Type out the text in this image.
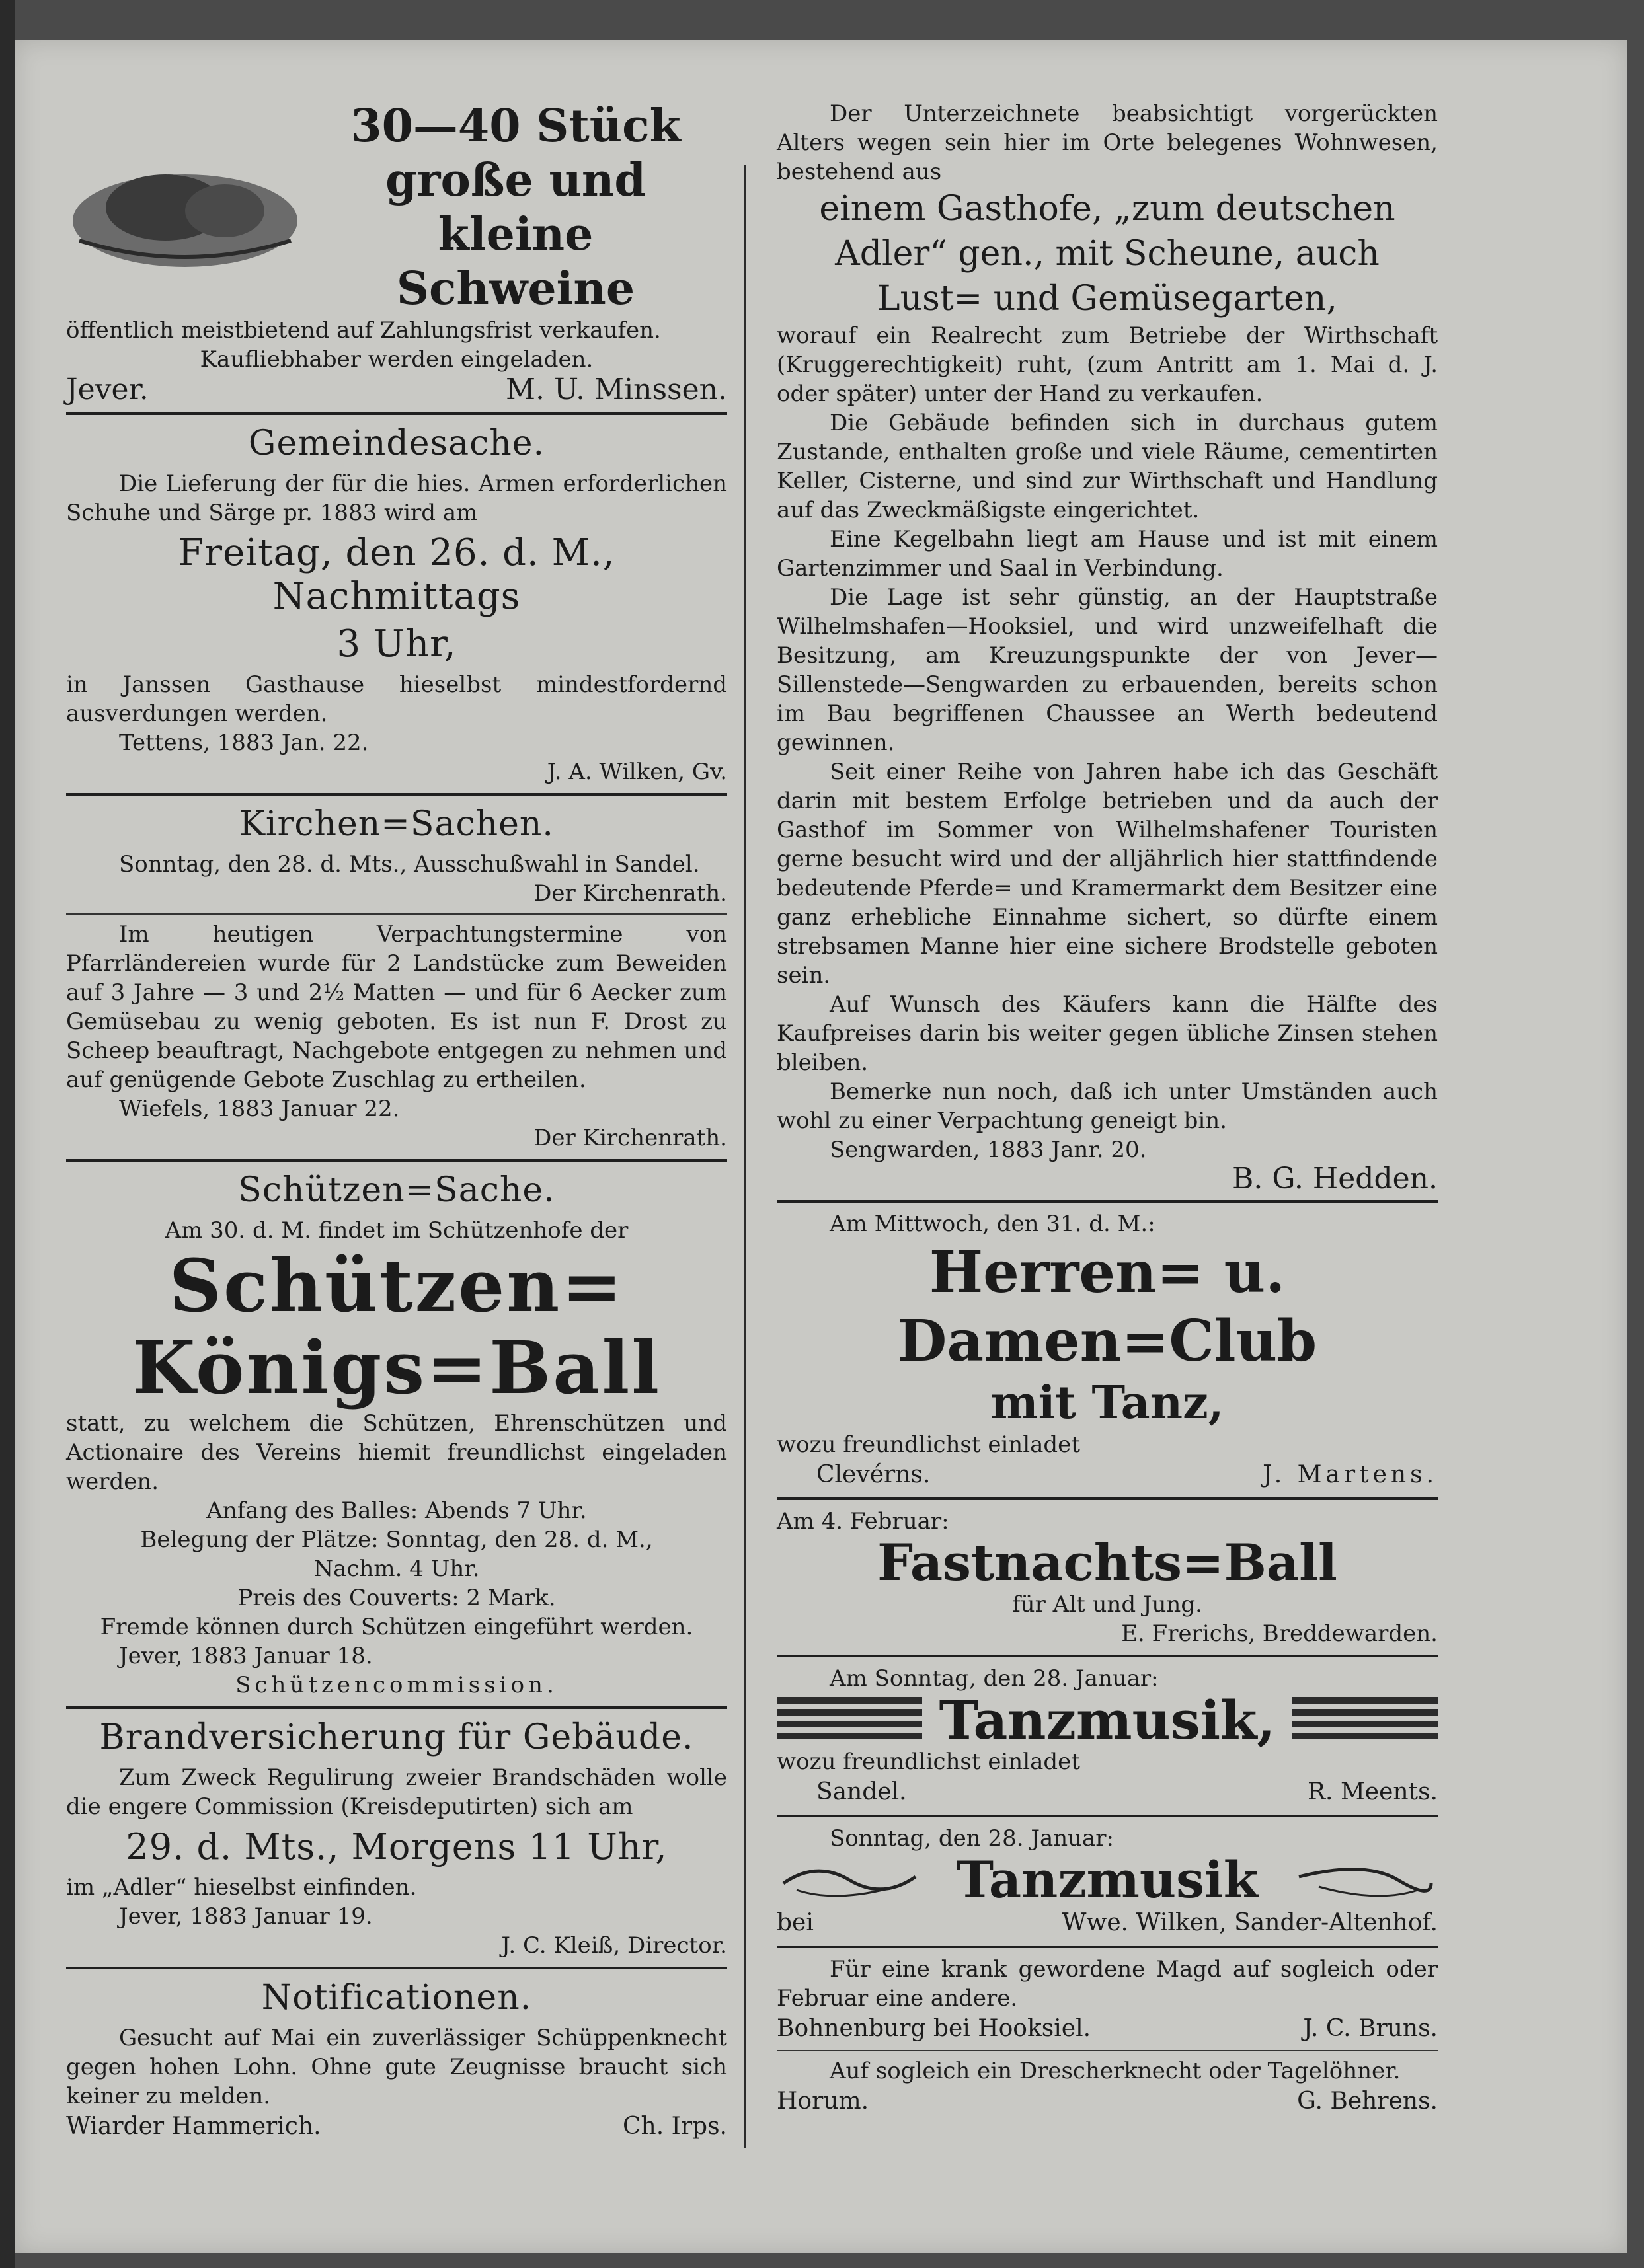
30—40 Stück
große und kleine
Schweine

öffentlich meistbietend auf Zahlungsfrist verkaufen.

Kaufliebhaber werden eingeladen.

Jever.	M. U. Minssen.
Gemeindesache.

Die Lieferung der für die hies. Armen erforderlichen Schuhe und Särge pr. 1883 wird am

Freitag, den 26. d. M., Nachmittags
3 Uhr,

in Janssen Gasthause hieselbst mindestfordernd ausverdungen werden.

Tettens, 1883 Jan. 22.

J. A. Wilken, Gv.

Kirchen=Sachen.

Sonntag, den 28. d. Mts., Ausschußwahl in Sandel.

Der Kirchenrath.

Im heutigen Verpachtungstermine von Pfarrländereien wurde für 2 Landstücke zum Beweiden auf 3 Jahre — 3 und 2½ Matten — und für 6 Aecker zum Gemüsebau zu wenig geboten. Es ist nun F. Drost zu Scheep beauftragt, Nachgebote entgegen zu nehmen und auf genügende Gebote Zuschlag zu ertheilen.

Wiefels, 1883 Januar 22.

Der Kirchenrath.

Schützen=Sache.

Am 30. d. M. findet im Schützenhofe der

Schützen=
Königs=Ball

statt, zu welchem die Schützen, Ehrenschützen und Actionaire des Vereins hiemit freundlichst eingeladen werden.

Anfang des Balles: Abends 7 Uhr.

Belegung der Plätze: Sonntag, den 28. d. M.,

Nachm. 4 Uhr.

Preis des Couverts: 2 Mark.

Fremde können durch Schützen eingeführt werden.

Jever, 1883 Januar 18.

Schützencommission.

Brandversicherung für Gebäude.

Zum Zweck Regulirung zweier Brandschäden wolle die engere Commission (Kreisdeputirten) sich am

29. d. Mts., Morgens 11 Uhr,

im „Adler“ hieselbst einfinden.

Jever, 1883 Januar 19.

J. C. Kleiß, Director.

Notificationen.

Gesucht auf Mai ein zuverlässiger Schüppenknecht gegen hohen Lohn. Ohne gute Zeugnisse braucht sich keiner zu melden.

Wiarder Hammerich.	Ch. Irps.

Der Unterzeichnete beabsichtigt vorgerückten Alters wegen sein hier im Orte belegenes Wohnwesen, bestehend aus

einem Gasthofe, „zum deutschen Adler“ gen., mit Scheune, auch Lust= und Gemüsegarten,

worauf ein Realrecht zum Betriebe der Wirthschaft (Kruggerechtigkeit) ruht, (zum Antritt am 1. Mai d. J. oder später) unter der Hand zu verkaufen.

Die Gebäude befinden sich in durchaus gutem Zustande, enthalten große und viele Räume, cementirten Keller, Cisterne, und sind zur Wirthschaft und Handlung auf das Zweckmäßigste eingerichtet.

Eine Kegelbahn liegt am Hause und ist mit einem Gartenzimmer und Saal in Verbindung.

Die Lage ist sehr günstig, an der Hauptstraße Wilhelmshafen—Hooksiel, und wird unzweifelhaft die Besitzung, am Kreuzungspunkte der von Jever—Sillenstede—Sengwarden zu erbauenden, bereits schon im Bau begriffenen Chaussee an Werth bedeutend gewinnen.

Seit einer Reihe von Jahren habe ich das Geschäft darin mit bestem Erfolge betrieben und da auch der Gasthof im Sommer von Wilhelmshafener Touristen gerne besucht wird und der alljährlich hier stattfindende bedeutende Pferde= und Kramermarkt dem Besitzer eine ganz erhebliche Einnahme sichert, so dürfte einem strebsamen Manne hier eine sichere Brodstelle geboten sein.

Auf Wunsch des Käufers kann die Hälfte des Kaufpreises darin bis weiter gegen übliche Zinsen stehen bleiben.

Bemerke nun noch, daß ich unter Umständen auch wohl zu einer Verpachtung geneigt bin.

Sengwarden, 1883 Janr. 20.

B. G. Hedden.

Am Mittwoch, den 31. d. M.:

Herren= u. Damen=Club
mit Tanz,

wozu freundlichst einladet

Clevérns.	J. Martens.

Am 4. Februar:

Fastnachts=Ball

für Alt und Jung.

E. Frerichs, Breddewarden.

Am Sonntag, den 28. Januar:

Tanzmusik,

wozu freundlichst einladet

Sandel.	R. Meents.

Sonntag, den 28. Januar:

Tanzmusik
bei	Wwe. Wilken, Sander-Altenhof.

Für eine krank gewordene Magd auf sogleich oder Februar eine andere.

Bohnenburg bei Hooksiel.	J. C. Bruns.

Auf sogleich ein Drescherknecht oder Tagelöhner.

Horum.	G. Behrens.
